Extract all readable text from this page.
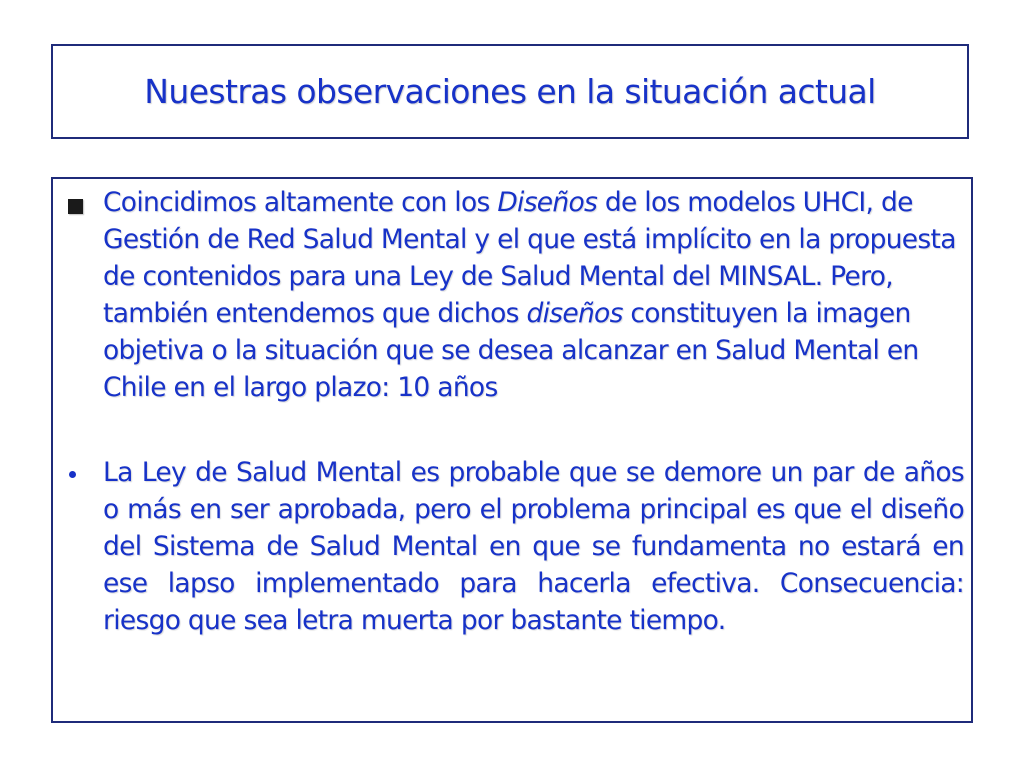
Nuestras observaciones en la situación actual
Coincidimos altamente con los Diseños de los modelos UHCI, de Gestión de Red Salud Mental y el que está implícito en la propuesta de contenidos para una Ley de Salud Mental del MINSAL. Pero, también entendemos que dichos diseños constituyen la imagen objetiva o la situación que se desea alcanzar en Salud Mental en Chile en el largo plazo: 10 años
La Ley de Salud Mental es probable que se demore un par de años o más en ser aprobada, pero el problema principal es que el diseño del Sistema de Salud Mental en que se fundamenta no estará en ese lapso implementado para hacerla efectiva. Consecuencia: riesgo que sea letra muerta por bastante tiempo.
